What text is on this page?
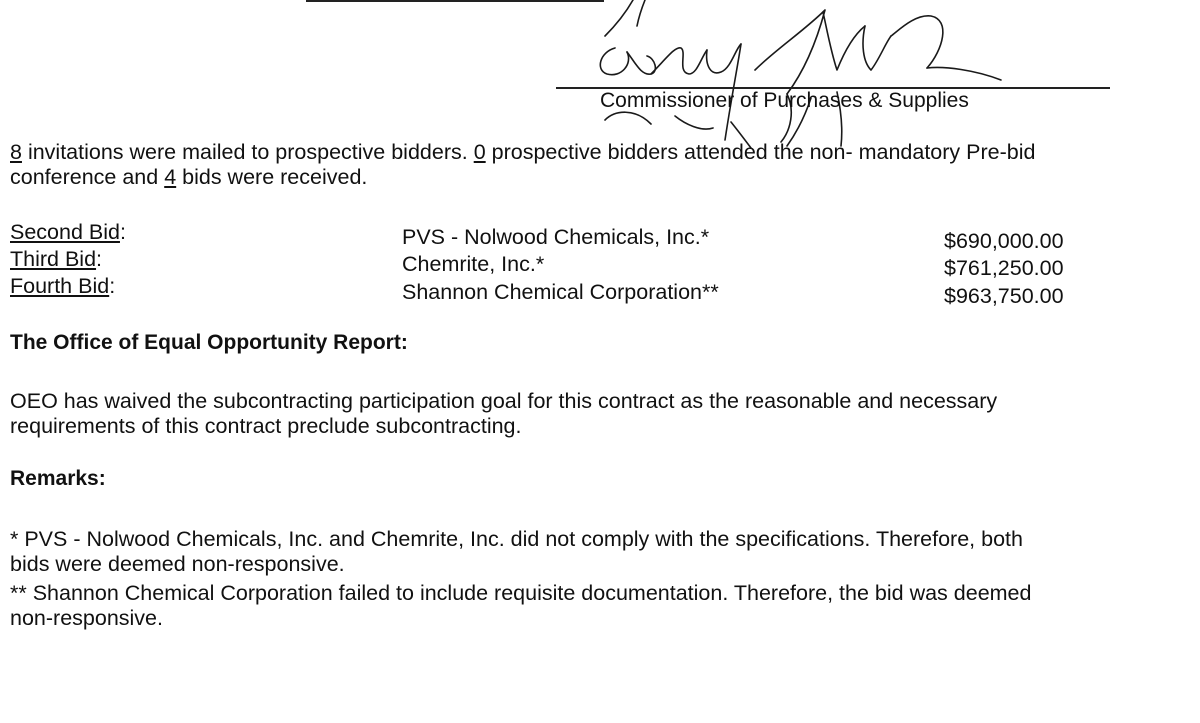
Commissioner of Purchases & Supplies
8 invitations were mailed to prospective bidders. 0 prospective bidders attended the non- mandatory Pre-bid
conference and 4 bids were received.
Second Bid:	PVS - Nolwood Chemicals, Inc.*	$690,000.00
Third Bid:	Chemrite, Inc.*	$761,250.00
Fourth Bid:	Shannon Chemical Corporation**	$963,750.00
The Office of Equal Opportunity Report:
OEO has waived the subcontracting participation goal for this contract as the reasonable and necessary
requirements of this contract preclude subcontracting.
Remarks:
* PVS - Nolwood Chemicals, Inc. and Chemrite, Inc. did not comply with the specifications. Therefore, both
bids were deemed non-responsive.
** Shannon Chemical Corporation failed to include requisite documentation. Therefore, the bid was deemed
non-responsive.
